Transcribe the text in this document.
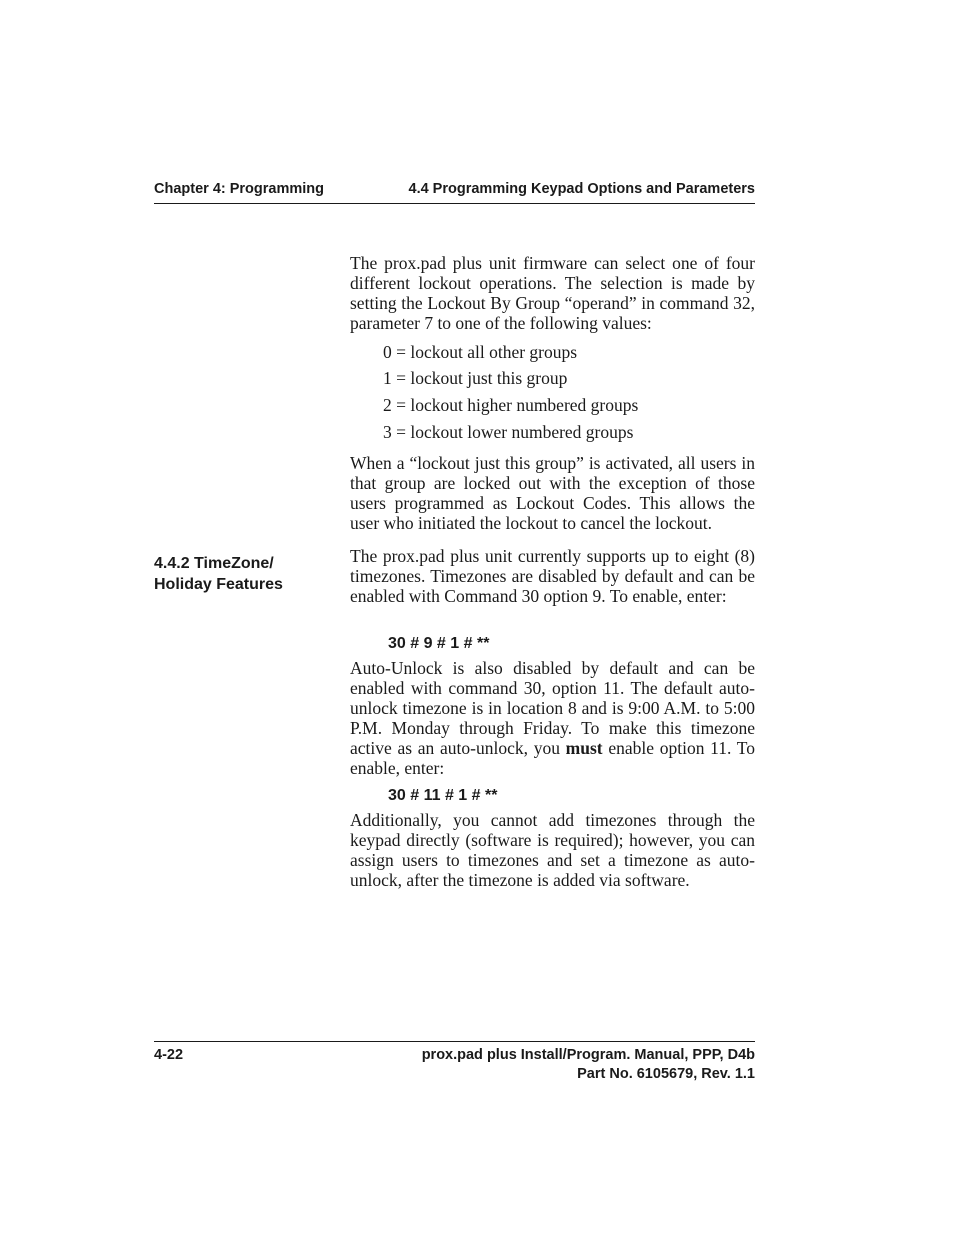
Chapter 4: Programming	4.4 Programming Keypad Options and Parameters

The prox.pad plus unit firmware can select one of four different lockout operations. The selection is made by setting the Lockout By Group “operand” in command 32, parameter 7 to one of the following values:

0 = lockout all other groups
1 = lockout just this group
2 = lockout higher numbered groups
3 = lockout lower numbered groups

When a “lockout just this group” is activated, all users in that group are locked out with the exception of those users programmed as Lockout Codes. This allows the user who initiated the lockout to cancel the lockout.

4.4.2 TimeZone/
Holiday Features

The prox.pad plus unit currently supports up to eight (8) timezones. Timezones are disabled by default and can be enabled with Command 30 option 9. To enable, enter:

30 # 9 # 1 # **

Auto-Unlock is also disabled by default and can be enabled with command 30, option 11. The default auto-unlock timezone is in location 8 and is 9:00 A.M. to 5:00 P.M. Monday through Friday. To make this timezone active as an auto-unlock, you must enable option 11. To enable, enter:

30 # 11 # 1 # **

Additionally, you cannot add timezones through the keypad directly (software is required); however, you can assign users to timezones and set a timezone as auto-unlock, after the timezone is added via software.

4-22	prox.pad plus Install/Program. Manual, PPP, D4b
Part No. 6105679, Rev. 1.1
